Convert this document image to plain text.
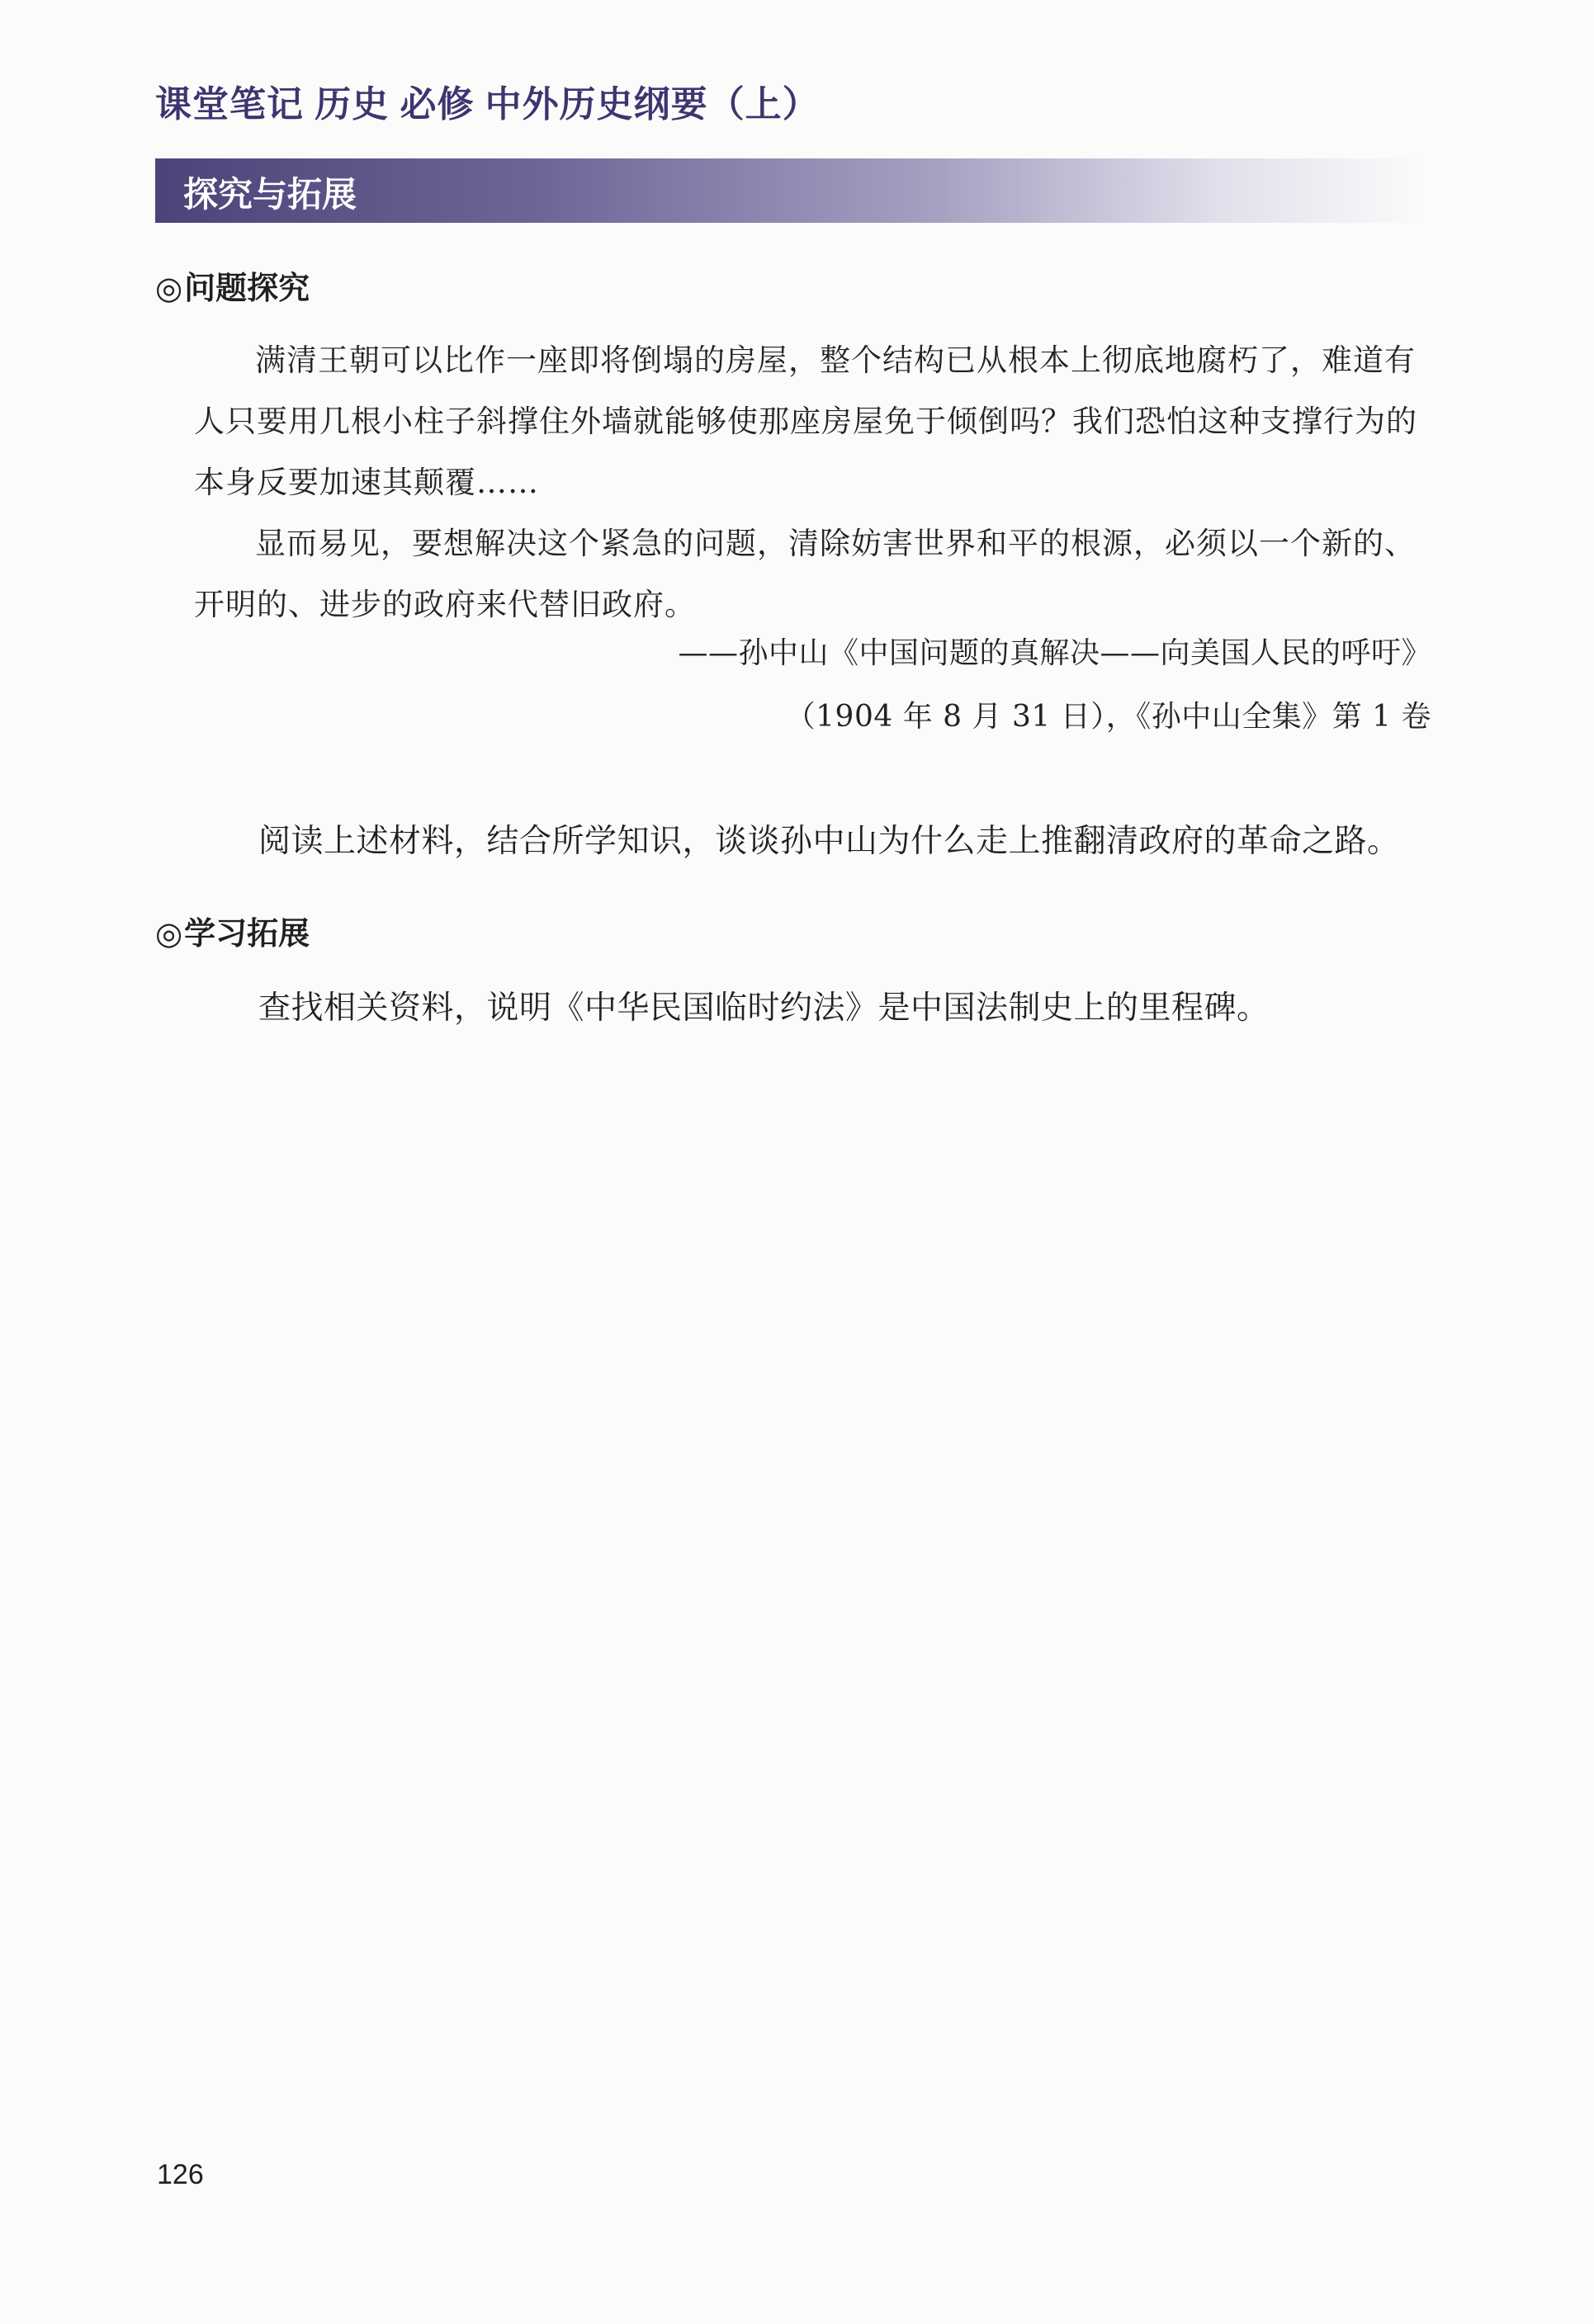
课堂笔记 历史 必修 中外历史纲要（上）
探究与拓展
◎问题探究

满清王朝可以比作一座即将倒塌的房屋，整个结构已从根本上彻底地腐朽了，难道有人只要用几根小柱子斜撑住外墙就能够使那座房屋免于倾倒吗？我们恐怕这种支撑行为的本身反要加速其颠覆……

显而易见，要想解决这个紧急的问题，清除妨害世界和平的根源，必须以一个新的、开明的、进步的政府来代替旧政府。

——孙中山《中国问题的真解决——向美国人民的呼吁》
（1904 年 8 月 31 日），《孙中山全集》第 1 卷
阅读上述材料，结合所学知识，谈谈孙中山为什么走上推翻清政府的革命之路。
◎学习拓展
查找相关资料，说明《中华民国临时约法》是中国法制史上的里程碑。
126
